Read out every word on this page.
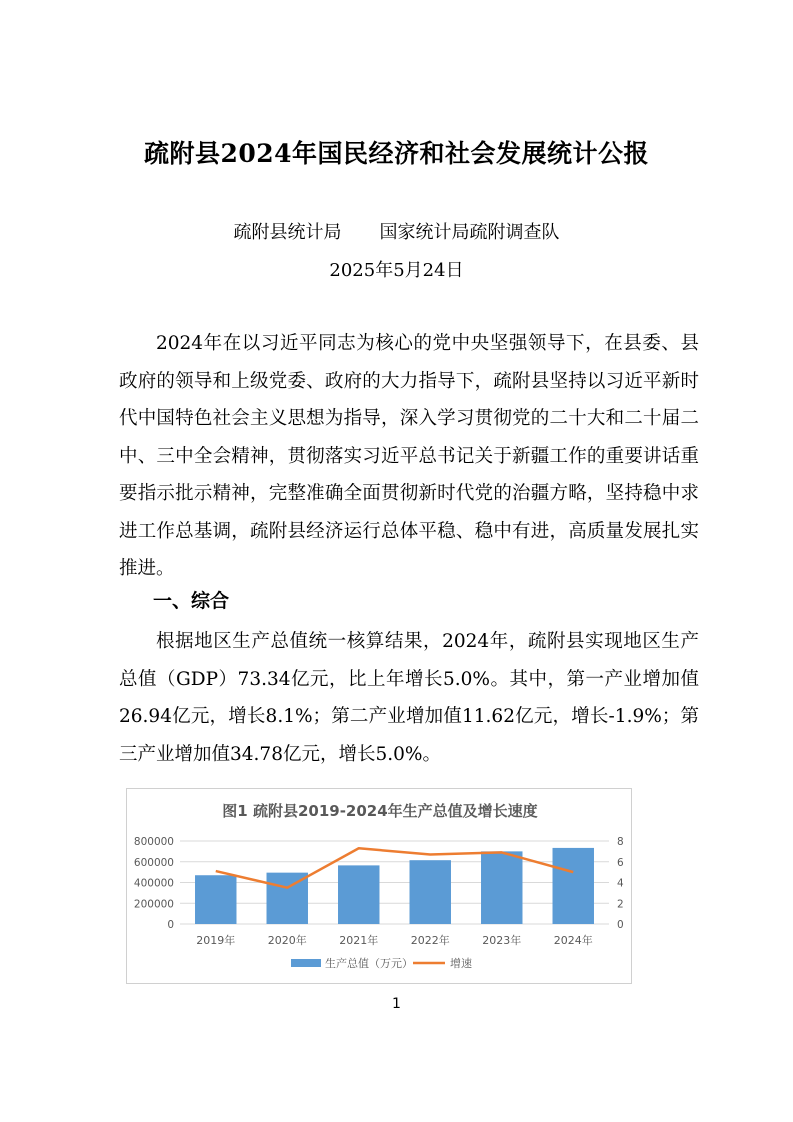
疏附县2024年国民经济和社会发展统计公报
疏附县统计局 国家统计局疏附调查队
2025年5月24日

2024年在以习近平同志为核心的党中央坚强领导下，在县委、县政府的领导和上级党委、政府的大力指导下，疏附县坚持以习近平新时代中国特色社会主义思想为指导，深入学习贯彻党的二十大和二十届二中、三中全会精神，贯彻落实习近平总书记关于新疆工作的重要讲话重要指示批示精神，完整准确全面贯彻新时代党的治疆方略，坚持稳中求进工作总基调，疏附县经济运行总体平稳、稳中有进，高质量发展扎实推进。

一、综合

根据地区生产总值统一核算结果，2024年，疏附县实现地区生产总值（GDP）73.34亿元，比上年增长5.0%。其中，第一产业增加值26.94亿元，增长8.1%；第二产业增加值11.62亿元，增长-1.9%；第三产业增加值34.78亿元，增长5.0%。

图1 疏附县2019-2024年生产总值及增长速度
0	0
200000	2
400000	4
600000	6
800000	8
2019年	2020年	2021年	2022年	2023年	2024年
生产总值（万元）	增速
1
